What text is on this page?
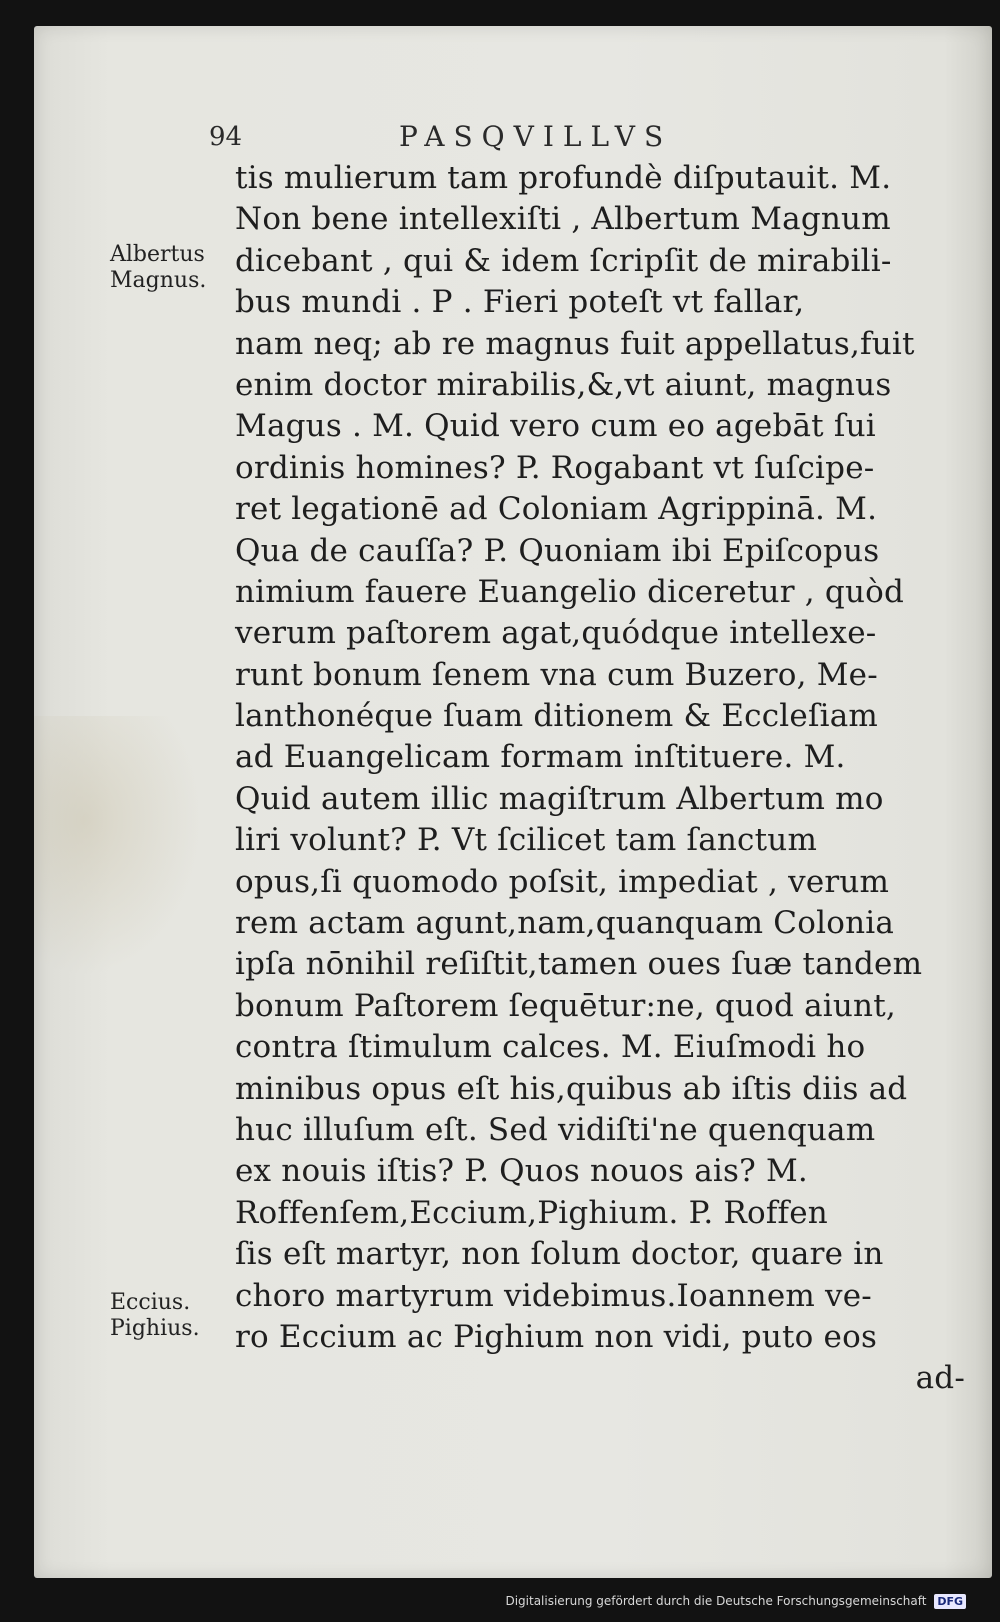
94	PASQVILLVS
Albertus
Magnus.
Eccius.
Pighius.
tis mulierum tam profundè diſputauit. M.
Non bene intellexiſti , Albertum Magnum
dicebant , qui & idem ſcripſit de mirabili-
bus mundi . P . Fieri poteſt vt fallar,
nam neq; ab re magnus fuit appellatus,fuit
enim doctor mirabilis,&,vt aiunt, magnus
Magus . M. Quid vero cum eo agebāt ſui
ordinis homines? P. Rogabant vt ſuſcipe-
ret legationē ad Coloniam Agrippinā. M.
Qua de cauſſa? P. Quoniam ibi Epiſcopus
nimium fauere Euangelio diceretur , quòd
verum paſtorem agat,quódque intellexe-
runt bonum ſenem vna cum Buzero, Me-
lanthonéque ſuam ditionem & Eccleſiam
ad Euangelicam formam inſtituere. M.
Quid autem illic magiſtrum Albertum mo
liri volunt? P. Vt ſcilicet tam ſanctum
opus,ſi quomodo poſsit, impediat , verum
rem actam agunt,nam,quanquam Colonia
ipſa nōnihil reſiſtit,tamen oues ſuæ tandem
bonum Paſtorem ſequētur:ne, quod aiunt,
contra ſtimulum calces. M. Eiuſmodi ho
minibus opus eſt his,quibus ab iſtis diis ad
huc illuſum eſt. Sed vidiſti'ne quenquam
ex nouis iſtis? P. Quos nouos ais? M.
Roffenſem,Eccium,Pighium. P. Roffen
ſis eſt martyr, non ſolum doctor, quare in
choro martyrum videbimus.Ioannem ve-
ro Eccium ac Pighium non vidi, puto eos
ad-
Digitalisierung gefördert durch die Deutsche Forschungsgemeinschaft DFG
